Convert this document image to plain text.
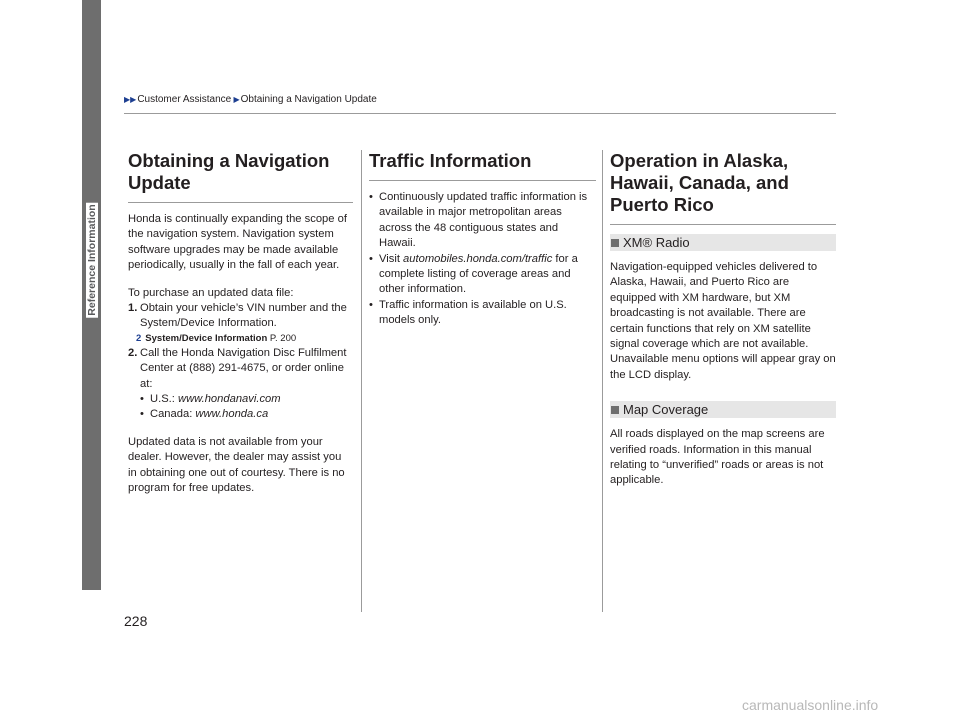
Reference Information
▶▶Customer Assistance ▶Obtaining a Navigation Update
Obtaining a Navigation
Update

Honda is continually expanding the scope of the navigation system. Navigation system software upgrades may be made available periodically, usually in the fall of each year.

To purchase an updated data file:

1. Obtain your vehicle’s VIN number and the System/Device Information.
2 System/Device Information P. 200
2. Call the Honda Navigation Disc Fulfilment Center at (888) 291-4675, or order online at:
• U.S.: www.hondanavi.com
• Canada: www.honda.ca

Updated data is not available from your dealer. However, the dealer may assist you in obtaining one out of courtesy. There is no program for free updates.

Traffic Information
• Continuously updated traffic information is available in major metropolitan areas across the 48 contiguous states and Hawaii.
• Visit automobiles.honda.com/traffic for a complete listing of coverage areas and other information.
• Traffic information is available on U.S. models only.
Operation in Alaska,
Hawaii, Canada, and
Puerto Rico
XM® Radio

Navigation-equipped vehicles delivered to Alaska, Hawaii, and Puerto Rico are equipped with XM hardware, but XM broadcasting is not available. There are certain functions that rely on XM satellite signal coverage which are not available. Unavailable menu options will appear gray on the LCD display.

Map Coverage

All roads displayed on the map screens are verified roads. Information in this manual relating to “unverified” roads or areas is not applicable.

228
carmanualsonline.info
